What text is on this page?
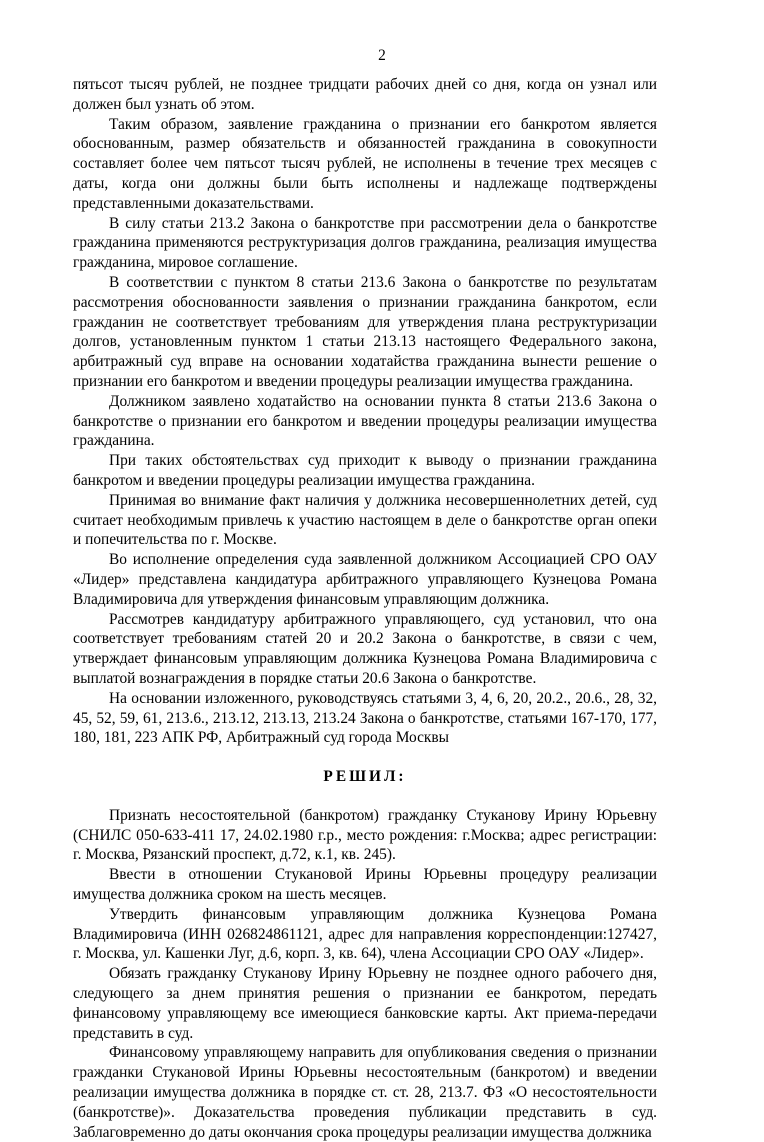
2

пятьсот тысяч рублей, не позднее тридцати рабочих дней со дня, когда он узнал или должен был узнать об этом.

Таким образом, заявление гражданина о признании его банкротом является обоснованным, размер обязательств и обязанностей гражданина в совокупности составляет более чем пятьсот тысяч рублей, не исполнены в течение трех месяцев с даты, когда они должны были быть исполнены и надлежаще подтверждены представленными доказательствами.

В силу статьи 213.2 Закона о банкротстве при рассмотрении дела о банкротстве гражданина применяются реструктуризация долгов гражданина, реализация имущества гражданина, мировое соглашение.

В соответствии с пунктом 8 статьи 213.6 Закона о банкротстве по результатам рассмотрения обоснованности заявления о признании гражданина банкротом, если гражданин не соответствует требованиям для утверждения плана реструктуризации долгов, установленным пунктом 1 статьи 213.13 настоящего Федерального закона, арбитражный суд вправе на основании ходатайства гражданина вынести решение о признании его банкротом и введении процедуры реализации имущества гражданина.

Должником заявлено ходатайство на основании пункта 8 статьи 213.6 Закона о банкротстве о признании его банкротом и введении процедуры реализации имущества гражданина.

При таких обстоятельствах суд приходит к выводу о признании гражданина банкротом и введении процедуры реализации имущества гражданина.

Принимая во внимание факт наличия у должника несовершеннолетних детей, суд считает необходимым привлечь к участию настоящем в деле о банкротстве орган опеки и попечительства по г. Москве.

Во исполнение определения суда заявленной должником Ассоциацией СРО ОАУ «Лидер» представлена кандидатура арбитражного управляющего Кузнецова Романа Владимировича для утверждения финансовым управляющим должника.

Рассмотрев кандидатуру арбитражного управляющего, суд установил, что она соответствует требованиям статей 20 и 20.2 Закона о банкротстве, в связи с чем, утверждает финансовым управляющим должника Кузнецова Романа Владимировича с выплатой вознаграждения в порядке статьи 20.6 Закона о банкротстве.

На основании изложенного, руководствуясь статьями 3, 4, 6, 20, 20.2., 20.6., 28, 32, 45, 52, 59, 61, 213.6., 213.12, 213.13, 213.24 Закона о банкротстве, статьями 167-170, 177, 180, 181, 223 АПК РФ, Арбитражный суд города Москвы

РЕШИЛ:

Признать несостоятельной (банкротом) гражданку Стуканову Ирину Юрьевну (СНИЛС 050-633-411 17, 24.02.1980 г.р., место рождения: г.Москва; адрес регистрации: г. Москва, Рязанский проспект, д.72, к.1, кв. 245).

Ввести в отношении Стукановой Ирины Юрьевны процедуру реализации имущества должника сроком на шесть месяцев.

Утвердить финансовым управляющим должника Кузнецова Романа Владимировича (ИНН 026824861121, адрес для направления корреспонденции:127427, г. Москва, ул. Кашенки Луг, д.6, корп. 3, кв. 64), члена Ассоциации СРО ОАУ «Лидер».

Обязать гражданку Стуканову Ирину Юрьевну не позднее одного рабочего дня, следующего за днем принятия решения о признании ее банкротом, передать финансовому управляющему все имеющиеся банковские карты. Акт приема-передачи представить в суд.

Финансовому управляющему направить для опубликования сведения о признании гражданки Стукановой Ирины Юрьевны несостоятельным (банкротом) и введении реализации имущества должника в порядке ст. ст. 28, 213.7. ФЗ «О несостоятельности (банкротстве)». Доказательства проведения публикации представить в суд. Заблаговременно до даты окончания срока процедуры реализации имущества должника
